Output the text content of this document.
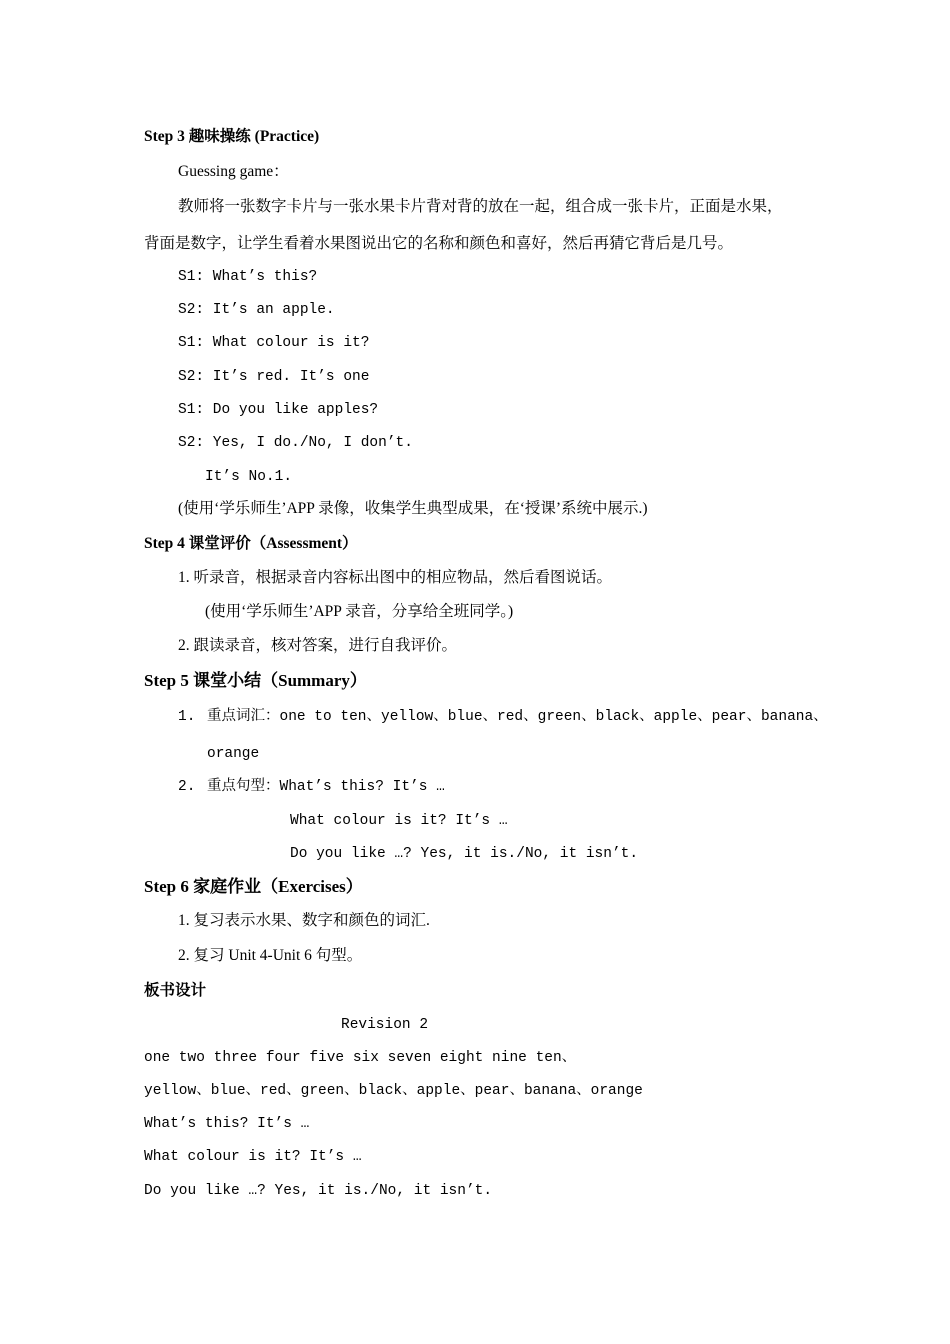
Step 3 趣味操练 (Practice)
Guessing game：
教师将一张数字卡片与一张水果卡片背对背的放在一起，组合成一张卡片，正面是水果，
背面是数字，让学生看着水果图说出它的名称和颜色和喜好，然后再猜它背后是几号。
S1: What’s this?
S2: It’s an apple.
S1: What colour is it?
S2: It’s red. It’s one
S1: Do you like apples?
S2: Yes, I do./No, I don’t.
It’s No.1.
(使用‘学乐师生’APP 录像，收集学生典型成果，在‘授课’系统中展示.)
Step 4 课堂评价（Assessment）
1. 听录音，根据录音内容标出图中的相应物品，然后看图说话。
(使用‘学乐师生’APP 录音，分享给全班同学。)
2. 跟读录音，核对答案，进行自我评价。
Step 5 课堂小结（Summary）
1. 重点词汇：one to ten、yellow、blue、red、green、black、apple、pear、banana、
orange
2. 重点句型：What’s this? It’s …
What colour is it? It’s …
Do you like …? Yes, it is./No, it isn’t.
Step 6 家庭作业（Exercises）
1. 复习表示水果、数字和颜色的词汇.
2. 复习 Unit 4-Unit 6 句型。
板书设计
Revision 2
one two three four five six seven eight nine ten、
yellow、blue、red、green、black、apple、pear、banana、orange
What’s this? It’s …
What colour is it? It’s …
Do you like …? Yes, it is./No, it isn’t.
